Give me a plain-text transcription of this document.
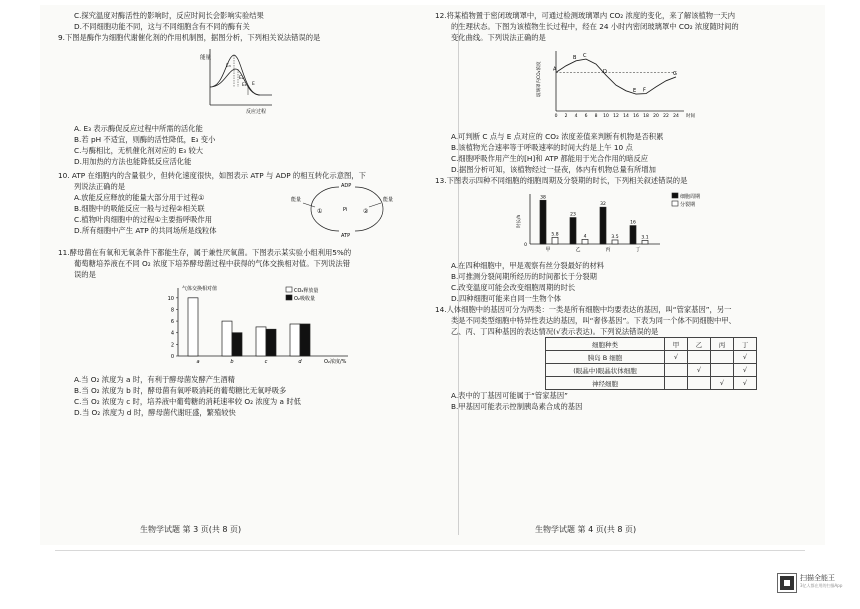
C.探究温度对酶活性的影响时，反应时间长会影响实验结果

D.不同细胞功能不同，这与不同细胞含有不同的酶有关

9.下图是酶作为细胞代谢催化剂的作用机制图，据图分析，下列相关说法错误的是

能量
E₃
E₂
E₁ E
反应过程

A. E₃ 表示酶促反应过程中所需的活化能

B.若 pH 不适宜，则酶的活性降低，E₃ 变小

C.与酶相比，无机催化剂对应的 E₃ 较大

D.用加热的方法也能降低反应活化能

10. ATP 在细胞内的含量很少，但转化速度很快，如图表示 ATP 与 ADP 的相互转化示意图，下

列说法正确的是

A.放能反应释放的能量大部分用于过程①

B.细胞中的吸能反应一般与过程②相关联

C.植物叶肉细胞中的过程①主要指呼吸作用

D.所有细胞中产生 ATP 的共同场所是线粒体

ADP
ATP
Pi
能量	能量
①	②

11.酵母菌在有氧和无氧条件下都能生存，属于兼性厌氧菌。下图表示某实验小组利用5%的

葡萄糖培养液在不同 O₂ 浓度下培养酵母菌过程中获得的气体交换相对值。下列说法错

误的是

气体交换相对值
0
2
4
6
8
10
a	b	c	d	O₂浓度/%
CO₂释放量
O₂吸收量

A.当 O₂ 浓度为 a 时，有利于酵母菌发酵产生酒精

B.当 O₂ 浓度为 b 时，酵母菌有氧呼吸消耗的葡萄糖比无氧呼吸多

C.当 O₂ 浓度为 c 时，培养液中葡萄糖的消耗速率较 O₂ 浓度为 a 时低

D.当 O₂ 浓度为 d 时，酵母菌代谢旺盛，繁殖较快

生物学试题 第 3 页(共 8 页)

12.将某植物置于密闭玻璃罩中，可通过检测玻璃罩内 CO₂ 浓度的变化，来了解该植物一天内

的生理状态。下图为该植物生长过程中，经在 24 小时内密闭玻璃罩中 CO₂ 浓度随时间的

变化曲线。下列说法正确的是

玻璃罩内CO₂浓度
0 2 4 6 8 10 12 14 16 18 20 22 24 时间
A
B C
D
E F
G

A.可判断 C 点与 E 点对应的 CO₂ 浓度差值来判断有机物是否积累

B.该植物光合速率等于呼吸速率的时间大约是上午 10 点

C.细胞呼吸作用产生的[H]和 ATP 都能用于光合作用的暗反应

D.据图分析可知，该植物经过一昼夜，体内有机物总量有所增加

13.下图表示四种不同细胞的细胞周期及分裂期的时长，下列相关叙述错误的是

时长/h
0
38
5.8
甲
23
4
乙
32
3.5
丙
16
3.1
丁
细胞周期
分裂期

A.在四种细胞中，甲是观察有丝分裂最好的材料

B.可推测分裂间期所经历的时间都长于分裂期

C.改变温度可能会改变细胞周期的时长

D.四种细胞可能来自同一生物个体

14.人体细胞中的基因可分为两类：一类是所有细胞中均要表达的基因，叫“管家基因”，另一

类是不同类型细胞中特异性表达的基因，叫“奢侈基因”。下表为同一个体不同细胞中甲、

乙、丙、丁四种基因的表达情况(√表示表达)。下列说法错误的是

细胞种类	甲	乙	丙	丁
胰岛 B 细胞	√			√
(眼晶中)眼晶状体细胞		√		√
神经细胞			√	√

A.表中的丁基因可能属于“管家基因”

B.甲基因可能表示控制胰岛素合成的基因

生物学试题 第 4 页(共 8 页)
扫描全能王
3亿人都在用的扫描App
